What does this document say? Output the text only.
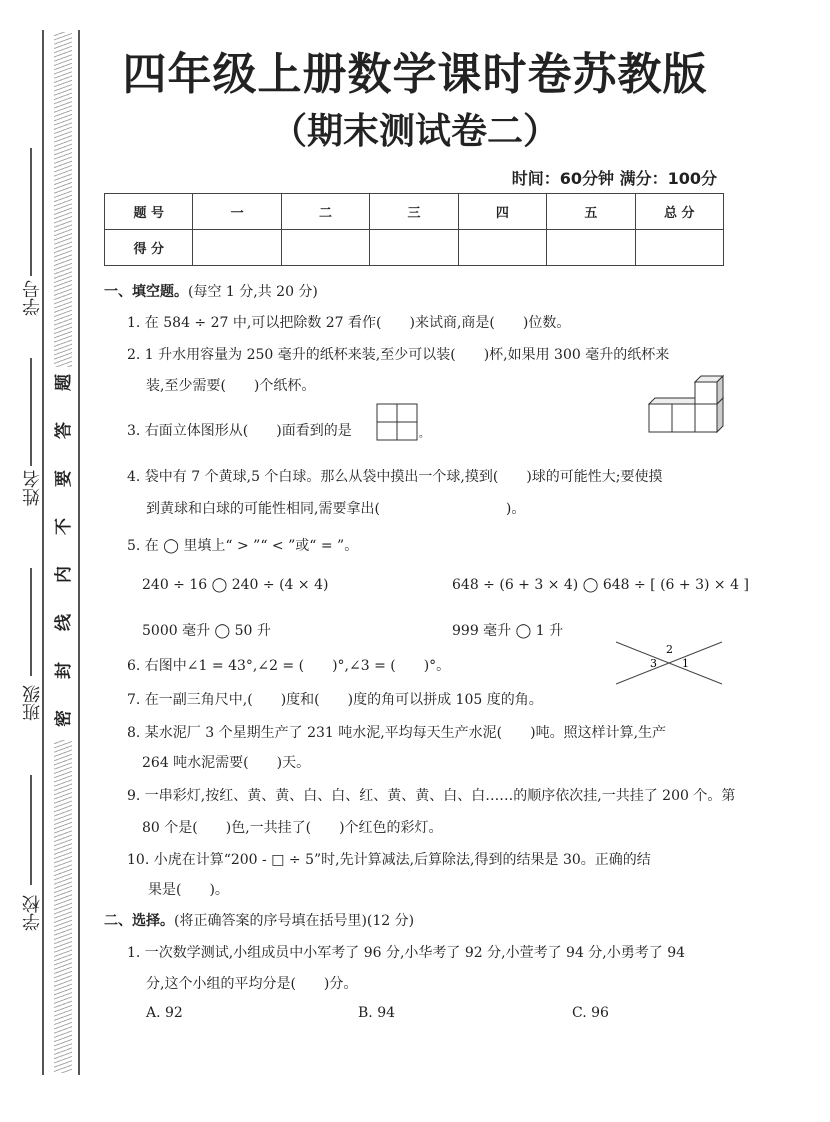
题
答
要
不
内
线
封
密
学号
姓名
班级
学校
四年级上册数学课时卷苏教版
（期末测试卷二）
时间：60分钟 满分：100分
题 号	一	二	三	四	五	总 分
得 分						
一、填空题。(每空 1 分,共 20 分)
1. 在 584 ÷ 27 中,可以把除数 27 看作(　　)来试商,商是(　　)位数。
2. 1 升水用容量为 250 毫升的纸杯来装,至少可以装(　　)杯,如果用 300 毫升的纸杯来
装,至少需要(　　)个纸杯。
3. 右面立体图形从(　　)面看到的是	。
4. 袋中有 7 个黄球,5 个白球。那么从袋中摸出一个球,摸到(　　)球的可能性大;要使摸
到黄球和白球的可能性相同,需要拿出(　　　　　　　　　)。
5. 在 ◯ 里填上“ > ”“ < ”或“ = ”。
240 ÷ 16 ◯ 240 ÷ (4 × 4)	648 ÷ (6 + 3 × 4) ◯ 648 ÷ [ (6 + 3) × 4 ]
5000 毫升 ◯ 50 升	999 毫升 ◯ 1 升
6. 右图中∠1 = 43°,∠2 = (　　)°,∠3 = (　　)°。
2
3 1
7. 在一副三角尺中,(　　)度和(　　)度的角可以拼成 105 度的角。
8. 某水泥厂 3 个星期生产了 231 吨水泥,平均每天生产水泥(　　)吨。照这样计算,生产
264 吨水泥需要(　　)天。
9. 一串彩灯,按红、黄、黄、白、白、红、黄、黄、白、白……的顺序依次挂,一共挂了 200 个。第
80 个是(　　)色,一共挂了(　　)个红色的彩灯。
10. 小虎在计算“200 - □ ÷ 5”时,先计算减法,后算除法,得到的结果是 30。正确的结
果是(　　)。
二、选择。(将正确答案的序号填在括号里)(12 分)
1. 一次数学测试,小组成员中小军考了 96 分,小华考了 92 分,小萱考了 94 分,小勇考了 94
分,这个小组的平均分是(　　)分。
A. 92	B. 94	C. 96
